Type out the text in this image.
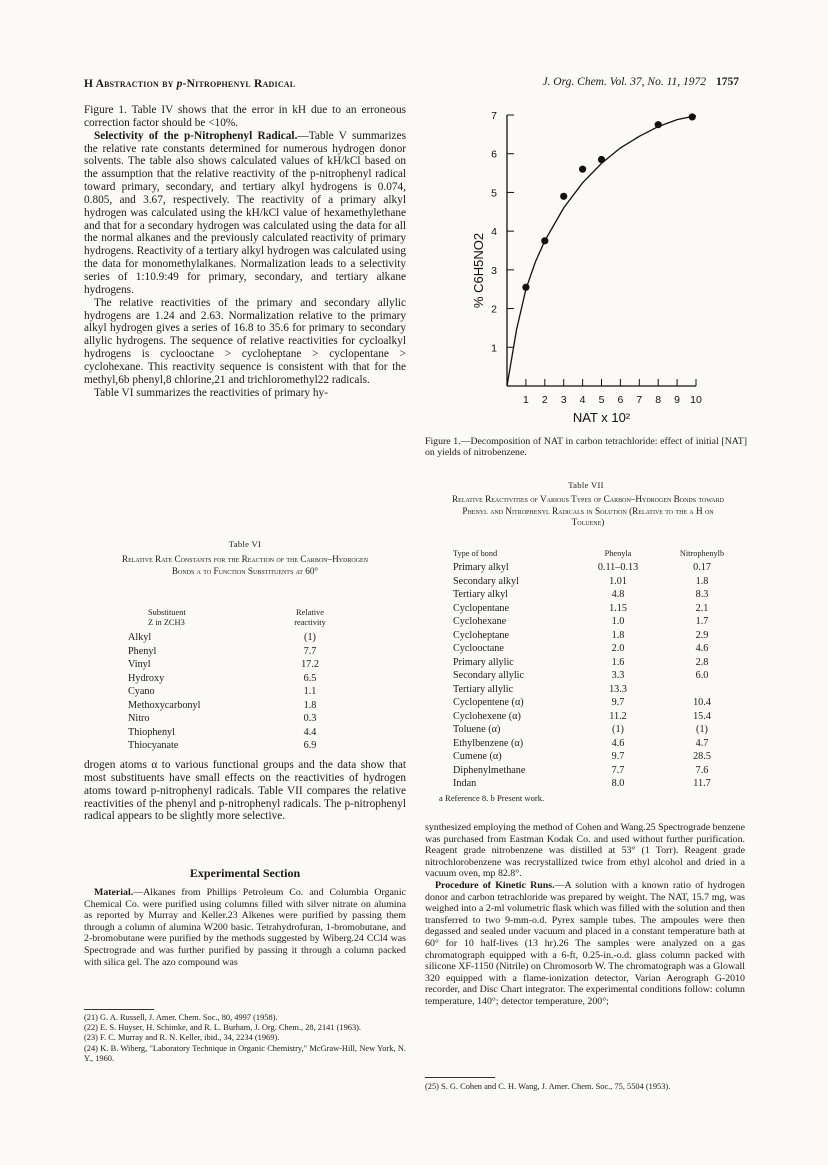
H Abstraction by p-Nitrophenyl Radical	J. Org. Chem. Vol. 37, No. 11, 1972 1757

Figure 1. Table IV shows that the error in kH due to an erroneous correction factor should be <10%.

Selectivity of the p-Nitrophenyl Radical.—Table V summarizes the relative rate constants determined for numerous hydrogen donor solvents. The table also shows calculated values of kH/kCl based on the assumption that the relative reactivity of the p-nitrophenyl radical toward primary, secondary, and tertiary alkyl hydrogens is 0.074, 0.805, and 3.67, respectively. The reactivity of a primary alkyl hydrogen was calculated using the kH/kCl value of hexamethylethane and that for a secondary hydrogen was calculated using the data for all the normal alkanes and the previously calculated reactivity of primary hydrogens. Reactivity of a tertiary alkyl hydrogen was calculated using the data for monomethylalkanes. Normalization leads to a selectivity series of 1:10.9:49 for primary, secondary, and tertiary alkane hydrogens.

The relative reactivities of the primary and secondary allylic hydrogens are 1.24 and 2.63. Normalization relative to the primary alkyl hydrogen gives a series of 16.8 to 35.6 for primary to secondary allylic hydrogens. The sequence of relative reactivities for cycloalkyl hydrogens is cyclooctane > cycloheptane > cyclopentane > cyclohexane. This reactivity sequence is consistent with that for the methyl,6b phenyl,8 chlorine,21 and trichloromethyl22 radicals.

Table VI summarizes the reactivities of primary hy-

Table VI
Relative Rate Constants for the Reaction of the Carbon–Hydrogen Bonds α to Function Substituents at 60°
Substituent
Z in ZCH3
Relative
reactivity
Alkyl	(1)
Phenyl	7.7
Vinyl	17.2
Hydroxy	6.5
Cyano	1.1
Methoxycarbonyl	1.8
Nitro	0.3
Thiophenyl	4.4
Thiocyanate	6.9

drogen atoms α to various functional groups and the data show that most substituents have small effects on the reactivities of hydrogen atoms toward p-nitrophenyl radicals. Table VII compares the relative reactivities of the phenyl and p-nitrophenyl radicals. The p-nitrophenyl radical appears to be slightly more selective.

Experimental Section

Material.—Alkanes from Phillips Petroleum Co. and Columbia Organic Chemical Co. were purified using columns filled with silver nitrate on alumina as reported by Murray and Keller.23 Alkenes were purified by passing them through a column of alumina W200 basic. Tetrahydrofuran, 1-bromobutane, and 2-bromobutane were purified by the methods suggested by Wiberg.24 CCl4 was Spectrograde and was further purified by passing it through a column packed with silica gel. The azo compound was

(21) G. A. Russell, J. Amer. Chem. Soc., 80, 4997 (1958).

(22) E. S. Huyser, H. Schimke, and R. L. Burham, J. Org. Chem., 28, 2141 (1963).

(23) F. C. Murray and R. N. Keller, ibid., 34, 2234 (1969).

(24) K. B. Wiberg, "Laboratory Technique in Organic Chemistry," McGraw-Hill, New York, N. Y., 1960.

1 2 3 4 5 6 7 8 9 10
1
2
3
4
5
6
7
NAT x 10²
% C6H5NO2
Figure 1.—Decomposition of NAT in carbon tetrachloride: effect of initial [NAT] on yields of nitrobenzene.
Table VII
Relative Reactivities of Various Types of Carbon–Hydrogen Bonds toward Phenyl and Nitrophenyl Radicals in Solution (Relative to the α H on Toluene)
Type of bond	Phenyla	Nitrophenylb
Primary alkyl	0.11–0.13	0.17
Secondary alkyl	1.01	1.8
Tertiary alkyl	4.8	8.3
Cyclopentane	1.15	2.1
Cyclohexane	1.0	1.7
Cycloheptane	1.8	2.9
Cyclooctane	2.0	4.6
Primary allylic	1.6	2.8
Secondary allylic	3.3	6.0
Tertiary allylic	13.3
Cyclopentene (α)	9.7	10.4
Cyclohexene (α)	11.2	15.4
Toluene (α)	(1)	(1)
Ethylbenzene (α)	4.6	4.7
Cumene (α)	9.7	28.5
Diphenylmethane	7.7	7.6
Indan	8.0	11.7
a Reference 8. b Present work.

synthesized employing the method of Cohen and Wang.25 Spectrograde benzene was purchased from Eastman Kodak Co. and used without further purification. Reagent grade nitrobenzene was distilled at 53° (1 Torr). Reagent grade nitrochlorobenzene was recrystallized twice from ethyl alcohol and dried in a vacuum oven, mp 82.8°.

Procedure of Kinetic Runs.—A solution with a known ratio of hydrogen donor and carbon tetrachloride was prepared by weight. The NAT, 15.7 mg, was weighed into a 2-ml volumetric flask which was filled with the solution and then transferred to two 9-mm-o.d. Pyrex sample tubes. The ampoules were then degassed and sealed under vacuum and placed in a constant temperature bath at 60° for 10 half-lives (13 hr).26 The samples were analyzed on a gas chromatograph equipped with a 6-ft, 0.25-in.-o.d. glass column packed with silicone XF-1150 (Nitrile) on Chromosorb W. The chromatograph was a Glowall 320 equipped with a flame-ionization detector, Varian Aerograph G-2010 recorder, and Disc Chart integrator. The experimental conditions follow: column temperature, 140°; detector temperature, 200°;

(25) S. G. Cohen and C. H. Wang, J. Amer. Chem. Soc., 75, 5504 (1953).
